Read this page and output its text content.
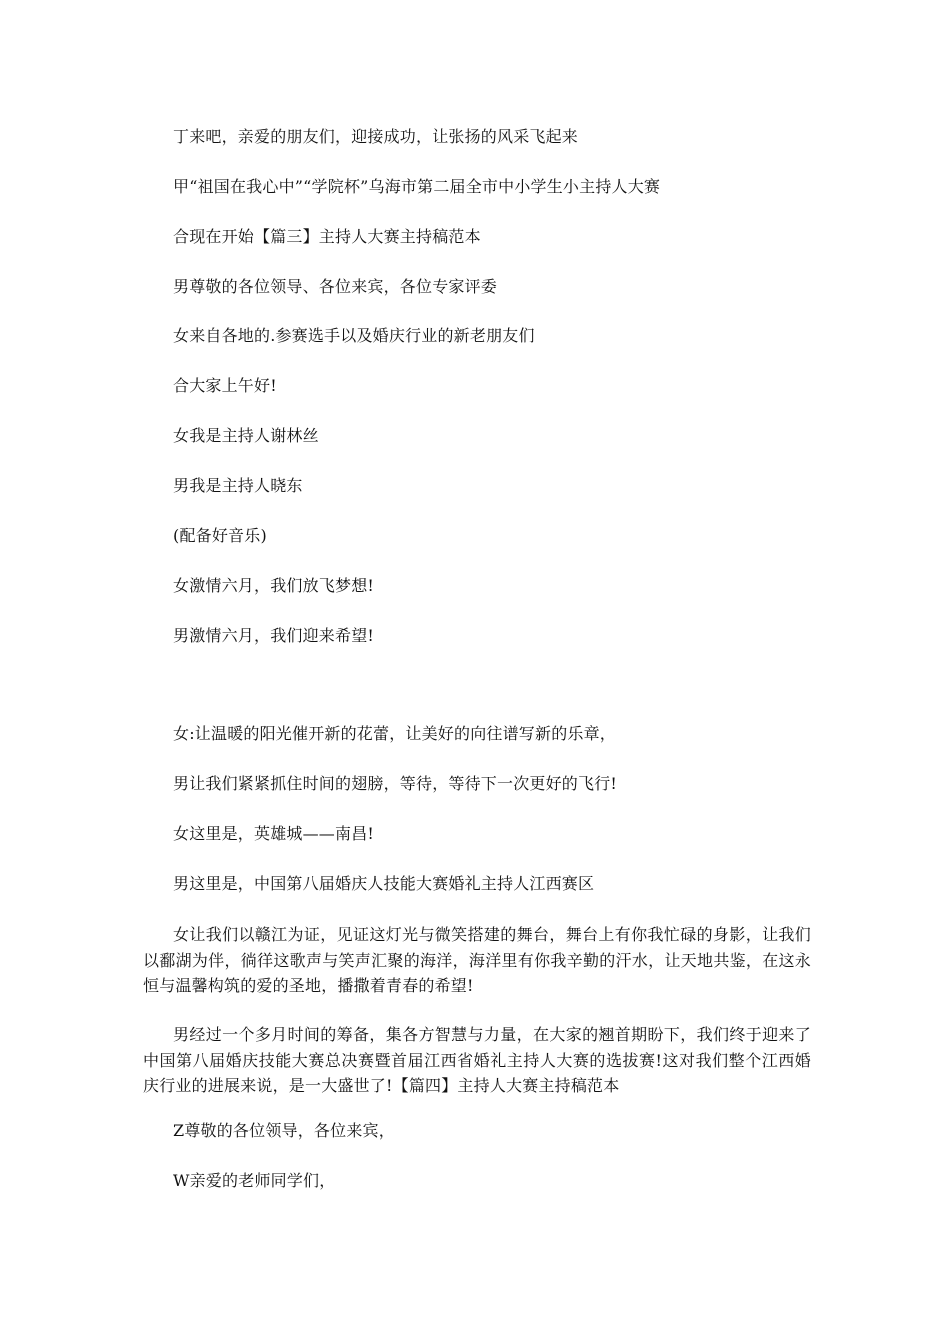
丁来吧，亲爱的朋友们，迎接成功，让张扬的风采飞起来
甲“祖国在我心中”“学院杯”乌海市第二届全市中小学生小主持人大赛
合现在开始【篇三】主持人大赛主持稿范本
男尊敬的各位领导、各位来宾，各位专家评委
女来自各地的.参赛选手以及婚庆行业的新老朋友们
合大家上午好!
女我是主持人谢林丝
男我是主持人晓东
(配备好音乐)
女激情六月，我们放飞梦想!
男激情六月，我们迎来希望!
女:让温暖的阳光催开新的花蕾，让美好的向往谱写新的乐章，
男让我们紧紧抓住时间的翅膀，等待，等待下一次更好的飞行!
女这里是，英雄城——南昌!
男这里是，中国第八届婚庆人技能大赛婚礼主持人江西赛区
女让我们以赣江为证，见证这灯光与微笑搭建的舞台，舞台上有你我忙碌的身影，让我们以鄱湖为伴，徜徉这歌声与笑声汇聚的海洋，海洋里有你我辛勤的汗水，让天地共鉴，在这永恒与温馨构筑的爱的圣地，播撒着青春的希望!
男经过一个多月时间的筹备，集各方智慧与力量，在大家的翘首期盼下，我们终于迎来了中国第八届婚庆技能大赛总决赛暨首届江西省婚礼主持人大赛的选拔赛!这对我们整个江西婚庆行业的进展来说，是一大盛世了!【篇四】主持人大赛主持稿范本
Z尊敬的各位领导，各位来宾，
W亲爱的老师同学们，
